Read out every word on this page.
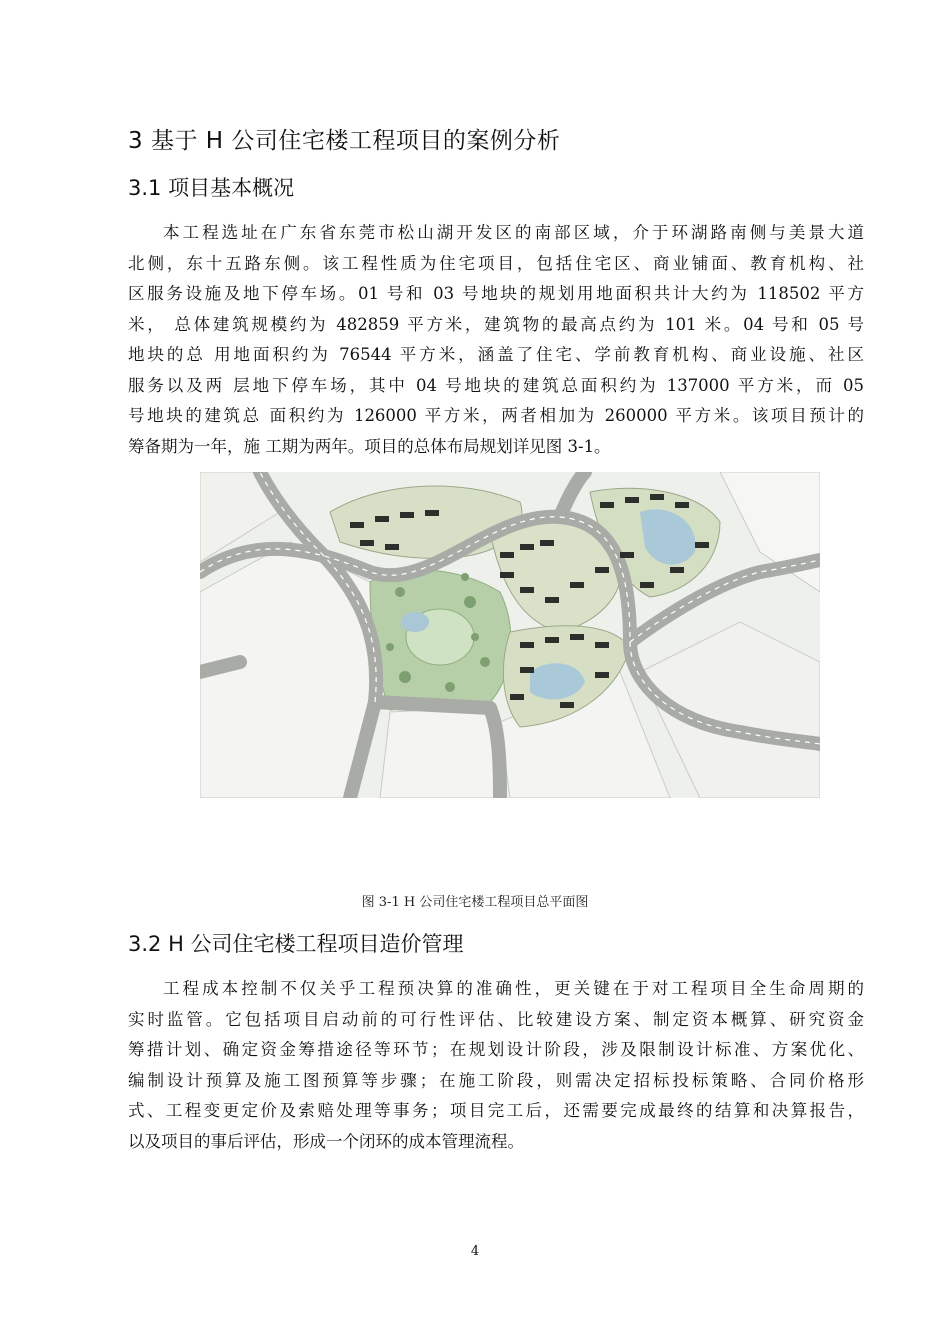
3 基于 H 公司住宅楼工程项目的案例分析
3.1 项目基本概况
本工程选址在广东省东莞市松山湖开发区的南部区域，介于环湖路南侧与美景大道
北侧，东十五路东侧。该工程性质为住宅项目，包括住宅区、商业铺面、教育机构、社
区服务设施及地下停车场。01 号和 03 号地块的规划用地面积共计大约为 118502 平方
米， 总体建筑规模约为 482859 平方米，建筑物的最高点约为 101 米。04 号和 05 号
地块的总 用地面积约为 76544 平方米，涵盖了住宅、学前教育机构、商业设施、社区
服务以及两 层地下停车场，其中 04 号地块的建筑总面积约为 137000 平方米，而 05
号地块的建筑总 面积约为 126000 平方米，两者相加为 260000 平方米。该项目预计的
筹备期为一年，施 工期为两年。项目的总体布局规划详见图 3-1。
图 3-1 H 公司住宅楼工程项目总平面图
3.2 H 公司住宅楼工程项目造价管理
工程成本控制不仅关乎工程预决算的准确性，更关键在于对工程项目全生命周期的
实时监管。它包括项目启动前的可行性评估、比较建设方案、制定资本概算、研究资金
筹措计划、确定资金筹措途径等环节；在规划设计阶段，涉及限制设计标准、方案优化、
编制设计预算及施工图预算等步骤；在施工阶段，则需决定招标投标策略、合同价格形
式、工程变更定价及索赔处理等事务；项目完工后，还需要完成最终的结算和决算报告，
以及项目的事后评估，形成一个闭环的成本管理流程。
4
